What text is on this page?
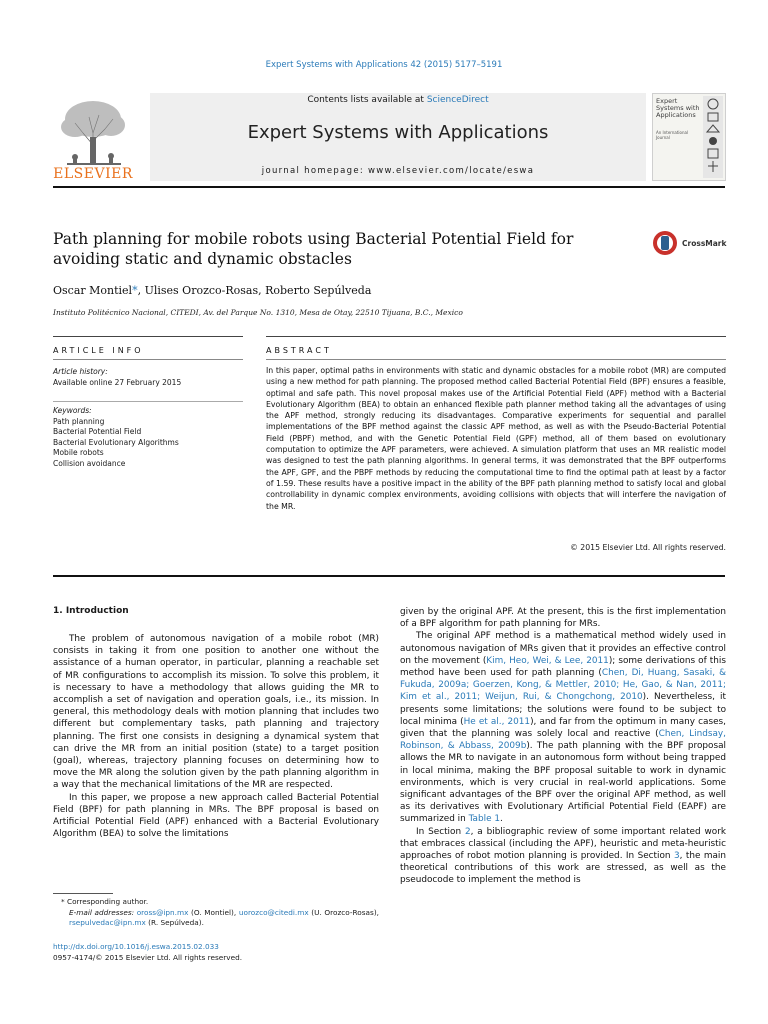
Expert Systems with Applications 42 (2015) 5177–5191
ELSEVIER
Contents lists available at ScienceDirect
Expert Systems with Applications
journal homepage: www.elsevier.com/locate/eswa
Expert Systems with Applications
An International Journal
Path planning for mobile robots using Bacterial Potential Field for avoiding static and dynamic obstacles
CrossMark
Oscar Montiel*, Ulises Orozco-Rosas, Roberto Sepúlveda
Instituto Politécnico Nacional, CITEDI, Av. del Parque No. 1310, Mesa de Otay, 22510 Tijuana, B.C., Mexico
ARTICLE INFO	ABSTRACT
Article history:
Available online 27 February 2015
Keywords:
Path planning
Bacterial Potential Field
Bacterial Evolutionary Algorithms
Mobile robots
Collision avoidance
In this paper, optimal paths in environments with static and dynamic obstacles for a mobile robot (MR) are computed using a new method for path planning. The proposed method called Bacterial Potential Field (BPF) ensures a feasible, optimal and safe path. This novel proposal makes use of the Artificial Potential Field (APF) method with a Bacterial Evolutionary Algorithm (BEA) to obtain an enhanced flexible path planner method taking all the advantages of using the APF method, strongly reducing its disadvantages. Comparative experiments for sequential and parallel implementations of the BPF method against the classic APF method, as well as with the Pseudo-Bacterial Potential Field (PBPF) method, and with the Genetic Potential Field (GPF) method, all of them based on evolutionary computation to optimize the APF parameters, were achieved. A simulation platform that uses an MR realistic model was designed to test the path planning algorithms. In general terms, it was demonstrated that the BPF outperforms the APF, GPF, and the PBPF methods by reducing the computational time to find the optimal path at least by a factor of 1.59. These results have a positive impact in the ability of the BPF path planning method to satisfy local and global controllability in dynamic complex environments, avoiding collisions with objects that will interfere the navigation of the MR.
© 2015 Elsevier Ltd. All rights reserved.
1. Introduction

The problem of autonomous navigation of a mobile robot (MR) consists in taking it from one position to another one without the assistance of a human operator, in particular, planning a reachable set of MR configurations to accomplish its mission. To solve this problem, it is necessary to have a methodology that allows guiding the MR to accomplish a set of navigation and operation goals, i.e., its mission. In general, this methodology deals with motion planning that includes two different but complementary tasks, path planning and trajectory planning. The first one consists in designing a dynamical system that can drive the MR from an initial position (state) to a target position (goal), whereas, trajectory planning focuses on determining how to move the MR along the solution given by the path planning algorithm in a way that the mechanical limitations of the MR are respected.

In this paper, we propose a new approach called Bacterial Potential Field (BPF) for path planning in MRs. The BPF proposal is based on Artificial Potential Field (APF) enhanced with a Bacterial Evolutionary Algorithm (BEA) to solve the limitations

given by the original APF. At the present, this is the first implementation of a BPF algorithm for path planning for MRs.

The original APF method is a mathematical method widely used in autonomous navigation of MRs given that it provides an effective control on the movement (Kim, Heo, Wei, & Lee, 2011); some derivations of this method have been used for path planning (Chen, Di, Huang, Sasaki, & Fukuda, 2009a; Goerzen, Kong, & Mettler, 2010; He, Gao, & Nan, 2011; Kim et al., 2011; Weijun, Rui, & Chongchong, 2010). Nevertheless, it presents some limitations; the solutions were found to be subject to local minima (He et al., 2011), and far from the optimum in many cases, given that the planning was solely local and reactive (Chen, Lindsay, Robinson, & Abbass, 2009b). The path planning with the BPF proposal allows the MR to navigate in an autonomous form without being trapped in local minima, making the BPF proposal suitable to work in dynamic environments, which is very crucial in real-world applications. Some significant advantages of the BPF over the original APF method, as well as its derivatives with Evolutionary Artificial Potential Field (EAPF) are summarized in Table 1.

In Section 2, a bibliographic review of some important related work that embraces classical (including the APF), heuristic and meta-heuristic approaches of robot motion planning is provided. In Section 3, the main theoretical contributions of this work are stressed, as well as the pseudocode to implement the method is

* Corresponding author.
E-mail addresses: oross@ipn.mx (O. Montiel), uorozco@citedi.mx (U. Orozco-Rosas), rsepulvedac@ipn.mx (R. Sepúlveda).
http://dx.doi.org/10.1016/j.eswa.2015.02.033
0957-4174/© 2015 Elsevier Ltd. All rights reserved.
